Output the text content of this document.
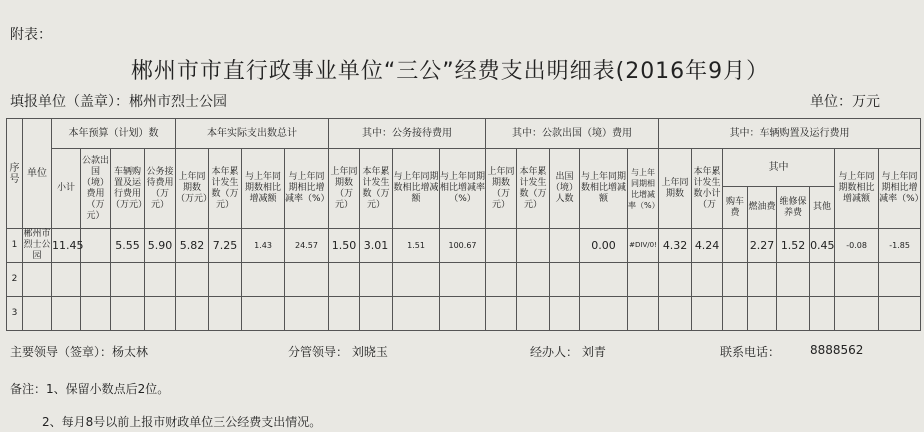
附表：
郴州市市直行政事业单位“三公”经费支出明细表(2016年9月）
填报单位（盖章）：郴州市烈士公园	单位：万元
序号	单位	本年预算（计划）数				本年实际支出数总计				其中：公务接待费用				其中：公款出国（境）费用					其中：车辆购置及运行费用							
		小计	公款出国（境）费用（万元）	车辆购置及运行费用（万元）	公务接待费用（万元）	上年同期数（万元）	本年累计发生数（万元）	与上年同期数相比增减额	与上年同期相比增减率（%）	上年同期数（万元）	本年累计发生数（万元）	与上年同期数相比增减额	与上年同期相比增减率（%）	上年同期数（万元）	本年累计发生数（万元）	出国（境）人数	与上年同期数相比增减额	与上年同期相比增减率（%）	上年同期数	本年累计发生数小计（万	其中				与上年同期数相比增减额	与上年同期相比增减率（%）
																					购车费	燃油费	维修保养费	其他		
1	郴州市烈士公园	11.45		5.55	5.90	5.82	7.25	1.43	24.57	1.50	3.01	1.51	100.67				0.00	#DIV/0!	4.32	4.24		2.27	1.52	0.45	-0.08	-1.85
2																										
3																										
主要领导（签章）：杨太林	分管领导： 刘晓玉	经办人： 刘青	联系电话： 8888562
备注：1、保留小数点后2位。
2、每月8号以前上报市财政单位三公经费支出情况。
